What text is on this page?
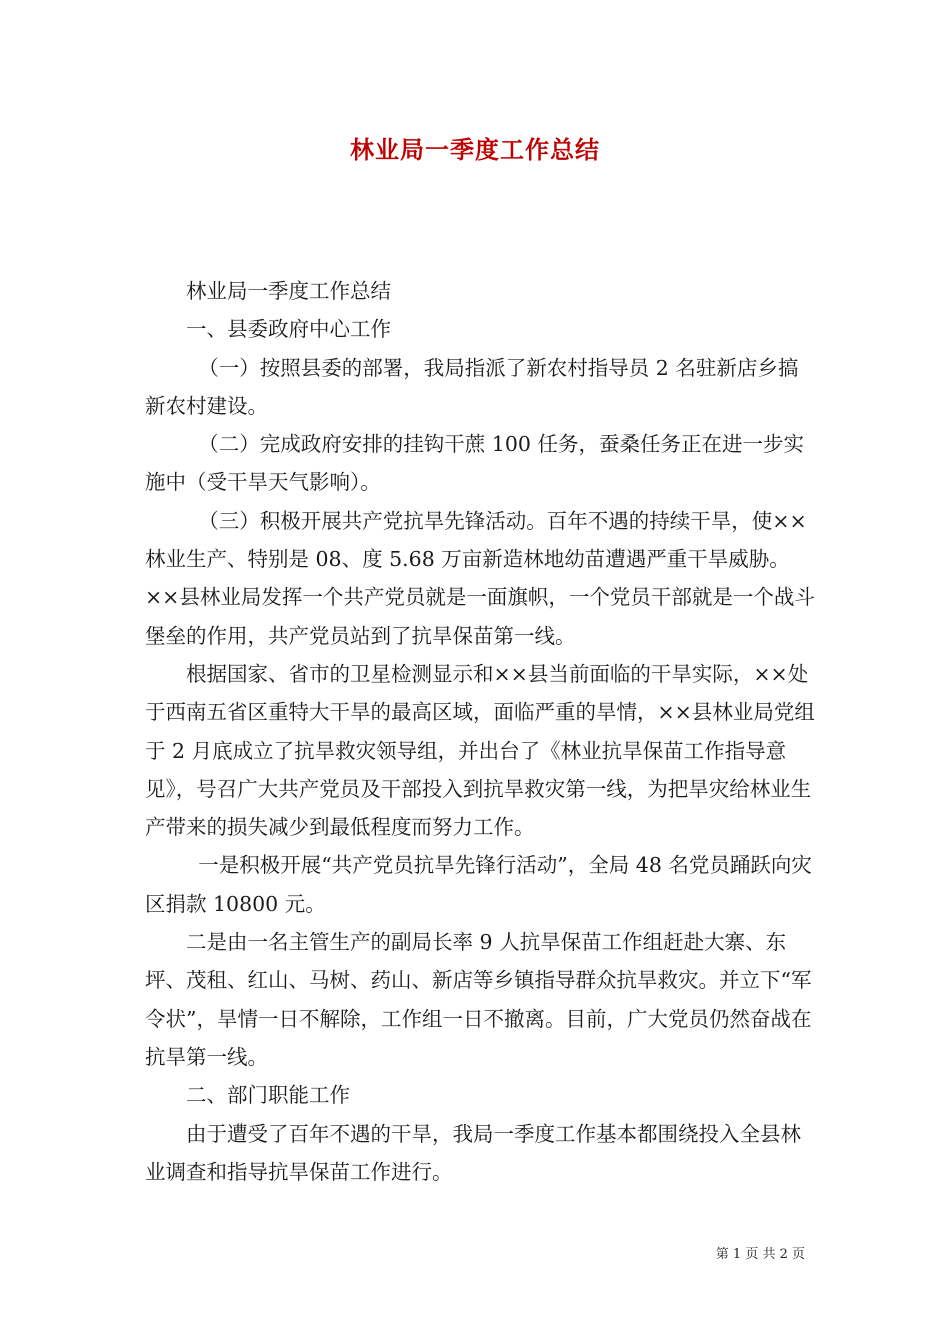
林业局一季度工作总结

林业局一季度工作总结

一、县委政府中心工作

（一）按照县委的部署，我局指派了新农村指导员 2 名驻新店乡搞新农村建设。

（二）完成政府安排的挂钩干蔗 100 任务，蚕桑任务正在进一步实施中（受干旱天气影响）。

（三）积极开展共产党抗旱先锋活动。百年不遇的持续干旱，使××林业生产、特别是 08、度 5.68 万亩新造林地幼苗遭遇严重干旱威胁。××县林业局发挥一个共产党员就是一面旗帜，一个党员干部就是一个战斗堡垒的作用，共产党员站到了抗旱保苗第一线。

根据国家、省市的卫星检测显示和××县当前面临的干旱实际，××处于西南五省区重特大干旱的最高区域，面临严重的旱情，××县林业局党组于 2 月底成立了抗旱救灾领导组，并出台了《林业抗旱保苗工作指导意见》，号召广大共产党员及干部投入到抗旱救灾第一线，为把旱灾给林业生产带来的损失减少到最低程度而努力工作。

一是积极开展“共产党员抗旱先锋行活动”，全局 48 名党员踊跃向灾区捐款 10800 元。

二是由一名主管生产的副局长率 9 人抗旱保苗工作组赶赴大寨、东坪、茂租、红山、马树、药山、新店等乡镇指导群众抗旱救灾。并立下“军令状”，旱情一日不解除，工作组一日不撤离。目前，广大党员仍然奋战在抗旱第一线。

二、部门职能工作

由于遭受了百年不遇的干旱，我局一季度工作基本都围绕投入全县林业调查和指导抗旱保苗工作进行。

第 1 页 共 2 页
